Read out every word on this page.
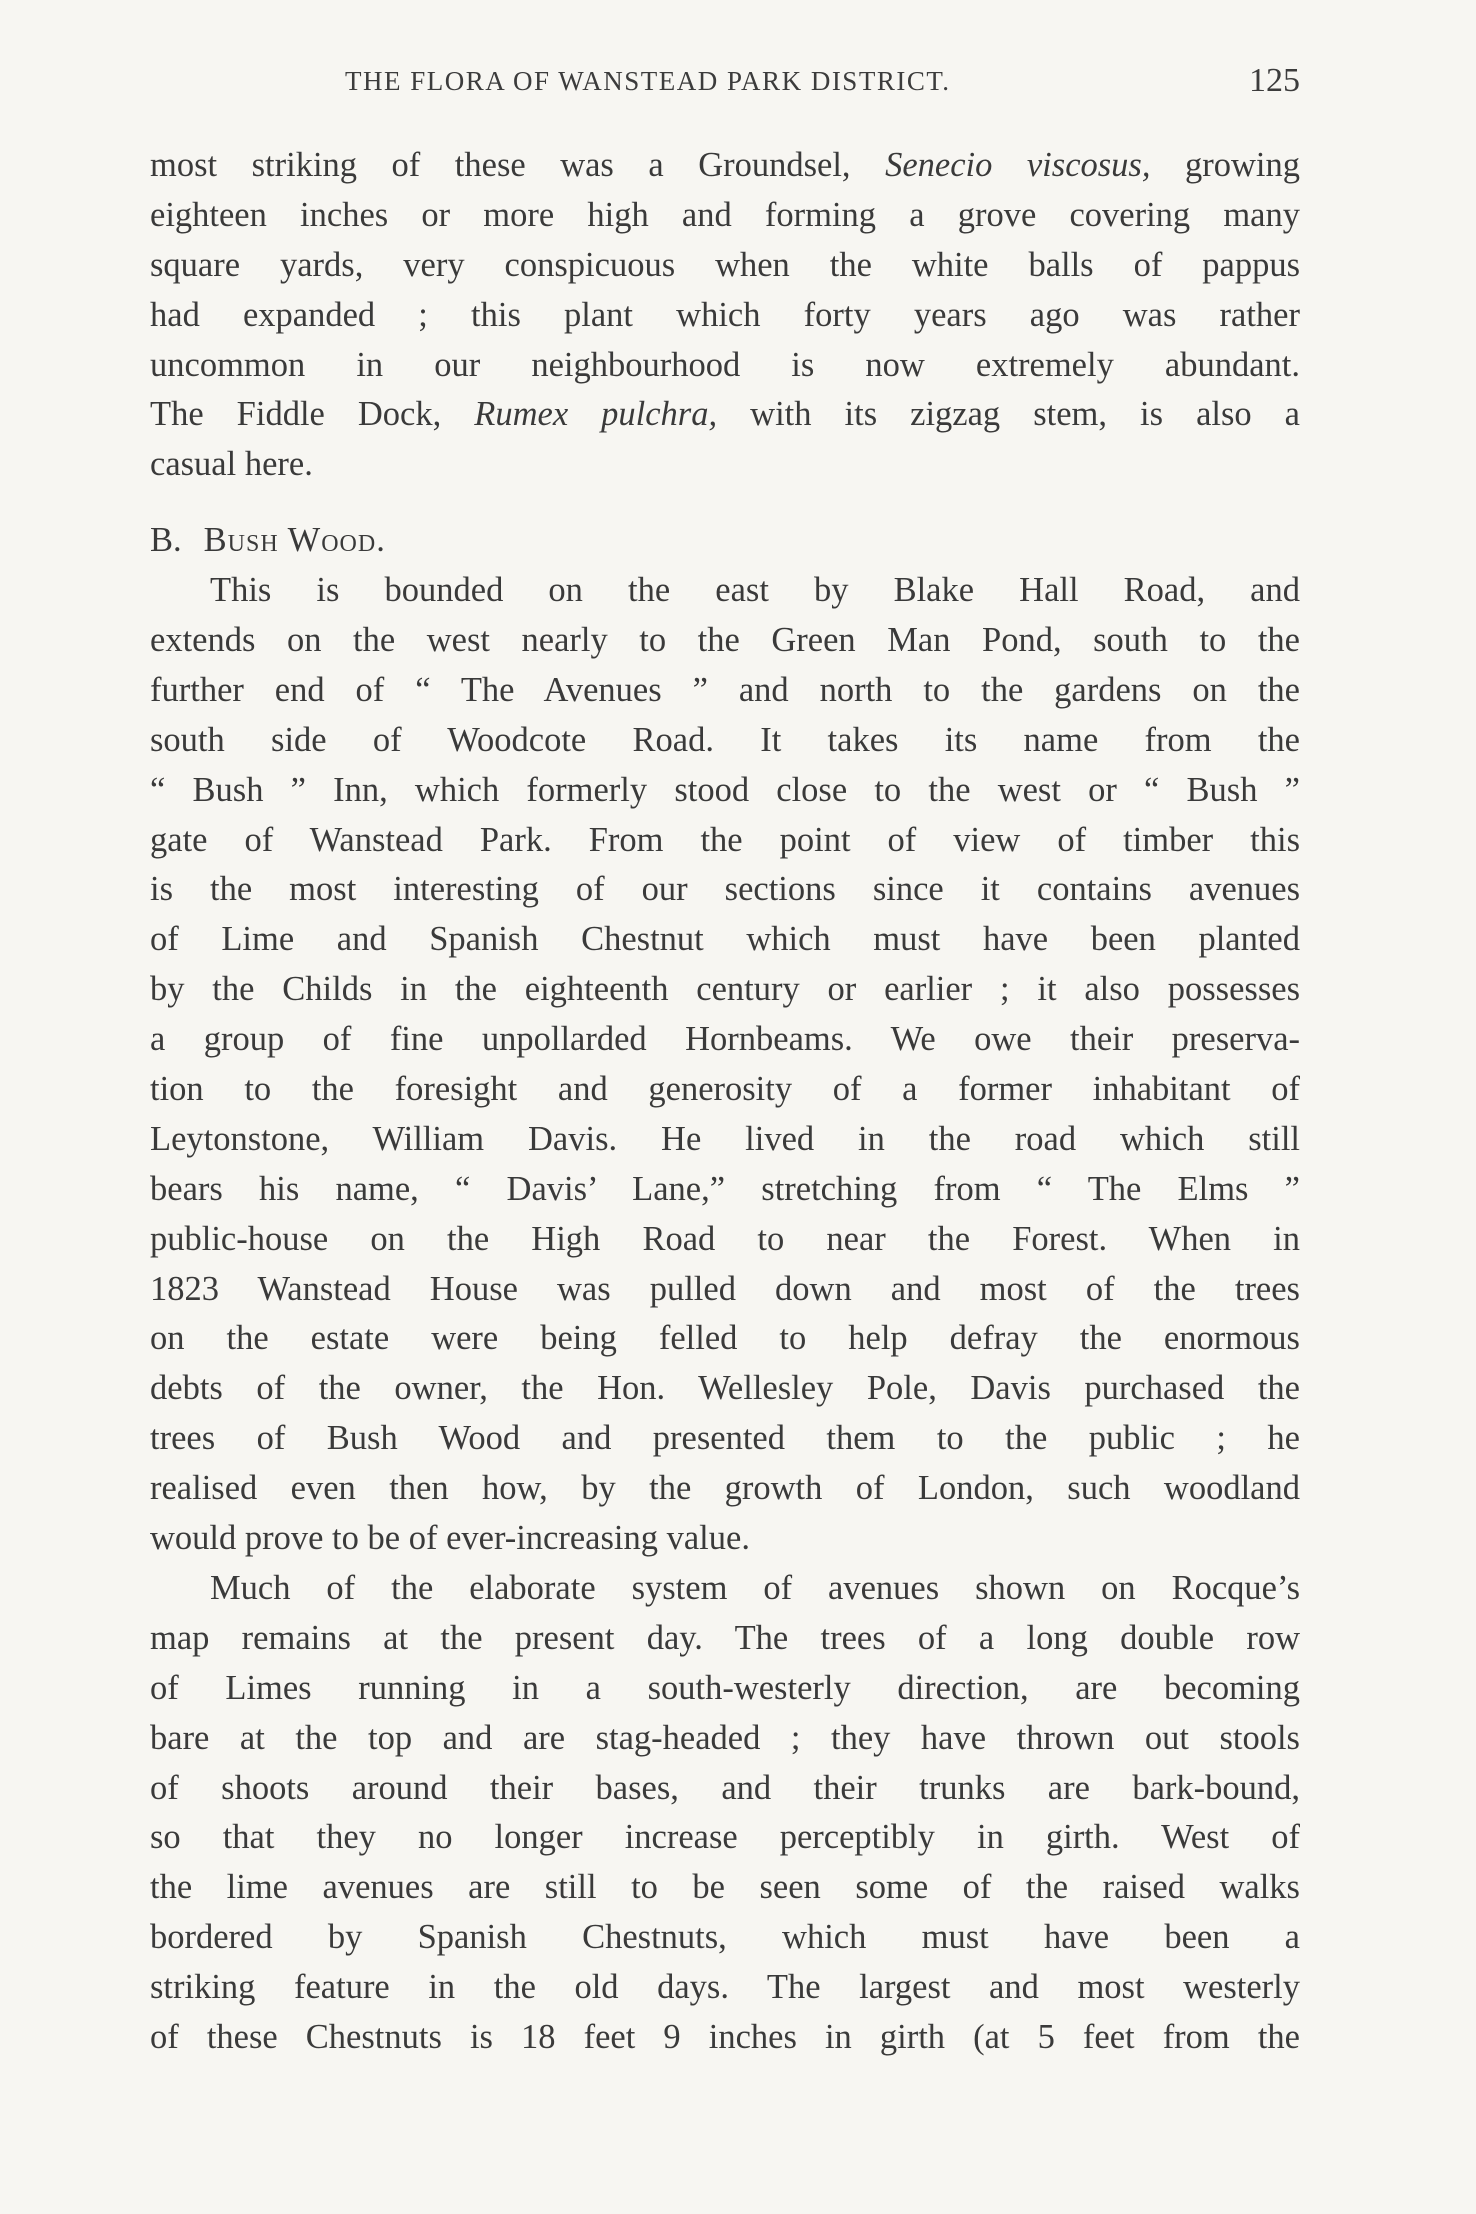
THE FLORA OF WANSTEAD PARK DISTRICT.	125
most striking of these was a Groundsel, Senecio viscosus, growing
eighteen inches or more high and forming a grove covering many
square yards, very conspicuous when the white balls of pappus
had expanded ; this plant which forty years ago was rather
uncommon in our neighbourhood is now extremely abundant.
The Fiddle Dock, Rumex pulchra, with its zigzag stem, is also a
casual here.
B. Bush Wood.
This is bounded on the east by Blake Hall Road, and
extends on the west nearly to the Green Man Pond, south to the
further end of “ The Avenues ” and north to the gardens on the
south side of Woodcote Road. It takes its name from the
“ Bush ” Inn, which formerly stood close to the west or “ Bush ”
gate of Wanstead Park. From the point of view of timber this
is the most interesting of our sections since it contains avenues
of Lime and Spanish Chestnut which must have been planted
by the Childs in the eighteenth century or earlier ; it also possesses
a group of fine unpollarded Hornbeams. We owe their preserva-
tion to the foresight and generosity of a former inhabitant of
Leytonstone, William Davis. He lived in the road which still
bears his name, “ Davis’ Lane,” stretching from “ The Elms ”
public-house on the High Road to near the Forest. When in
1823 Wanstead House was pulled down and most of the trees
on the estate were being felled to help defray the enormous
debts of the owner, the Hon. Wellesley Pole, Davis purchased the
trees of Bush Wood and presented them to the public ; he
realised even then how, by the growth of London, such woodland
would prove to be of ever-increasing value.
Much of the elaborate system of avenues shown on Rocque’s
map remains at the present day. The trees of a long double row
of Limes running in a south-westerly direction, are becoming
bare at the top and are stag-headed ; they have thrown out stools
of shoots around their bases, and their trunks are bark-bound,
so that they no longer increase perceptibly in girth. West of
the lime avenues are still to be seen some of the raised walks
bordered by Spanish Chestnuts, which must have been a
striking feature in the old days. The largest and most westerly
of these Chestnuts is 18 feet 9 inches in girth (at 5 feet from the
